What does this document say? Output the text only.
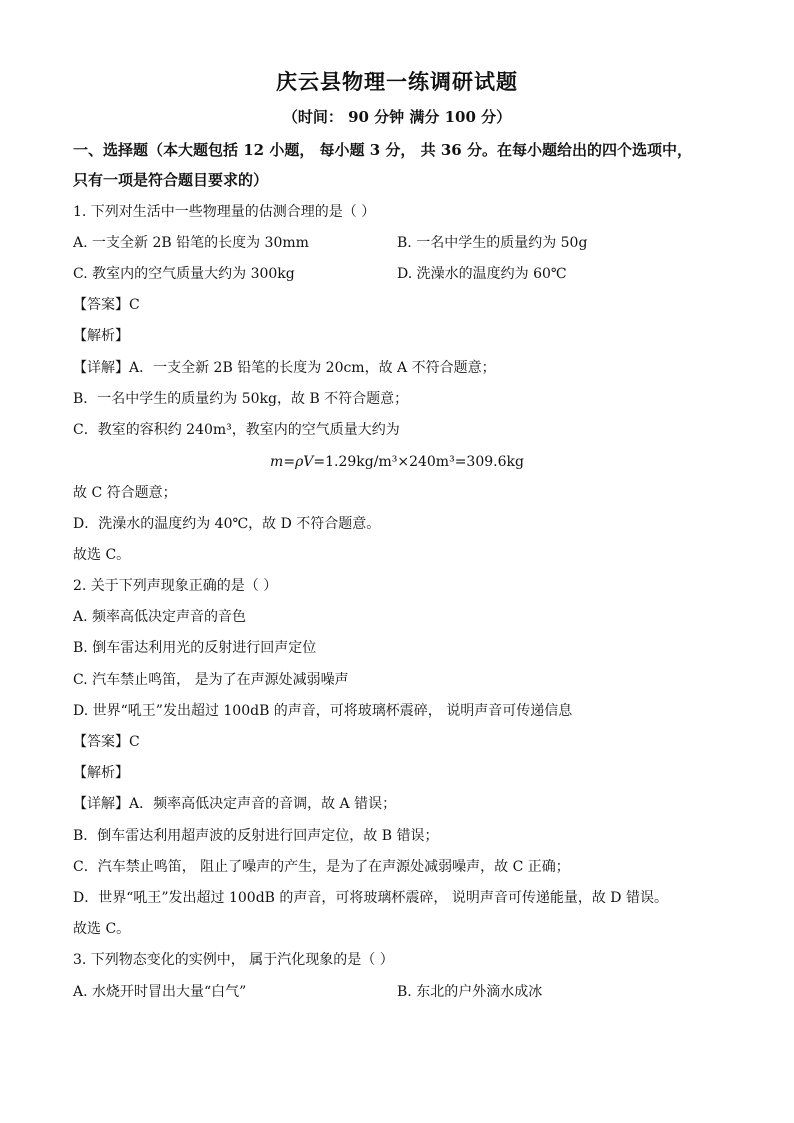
庆云县物理一练调研试题
（时间： 90 分钟 满分 100 分）
一、选择题（本大题包括 12 小题， 每小题 3 分， 共 36 分。在每小题给出的四个选项中，
只有一项是符合题目要求的）
1. 下列对生活中一些物理量的估测合理的是（ ）
A. 一支全新 2B 铅笔的长度为 30mm	B. 一名中学生的质量约为 50g
C. 教室内的空气质量大约为 300kg	D. 洗澡水的温度约为 60℃
【答案】C
【解析】
【详解】A．一支全新 2B 铅笔的长度为 20cm，故 A 不符合题意；
B．一名中学生的质量约为 50kg，故 B 不符合题意；
C．教室的容积约 240m³，教室内的空气质量大约为
m=ρV=1.29kg/m³×240m³=309.6kg
故 C 符合题意；
D．洗澡水的温度约为 40℃，故 D 不符合题意。
故选 C。
2. 关于下列声现象正确的是（ ）
A. 频率高低决定声音的音色
B. 倒车雷达利用光的反射进行回声定位
C. 汽车禁止鸣笛， 是为了在声源处减弱噪声
D. 世界“吼王”发出超过 100dB 的声音，可将玻璃杯震碎， 说明声音可传递信息
【答案】C
【解析】
【详解】A．频率高低决定声音的音调，故 A 错误；
B．倒车雷达利用超声波的反射进行回声定位，故 B 错误；
C．汽车禁止鸣笛， 阻止了噪声的产生，是为了在声源处减弱噪声，故 C 正确；
D．世界“吼王”发出超过 100dB 的声音，可将玻璃杯震碎， 说明声音可传递能量，故 D 错误。
故选 C。
3. 下列物态变化的实例中， 属于汽化现象的是（ ）
A. 水烧开时冒出大量“白气”	B. 东北的户外滴水成冰
